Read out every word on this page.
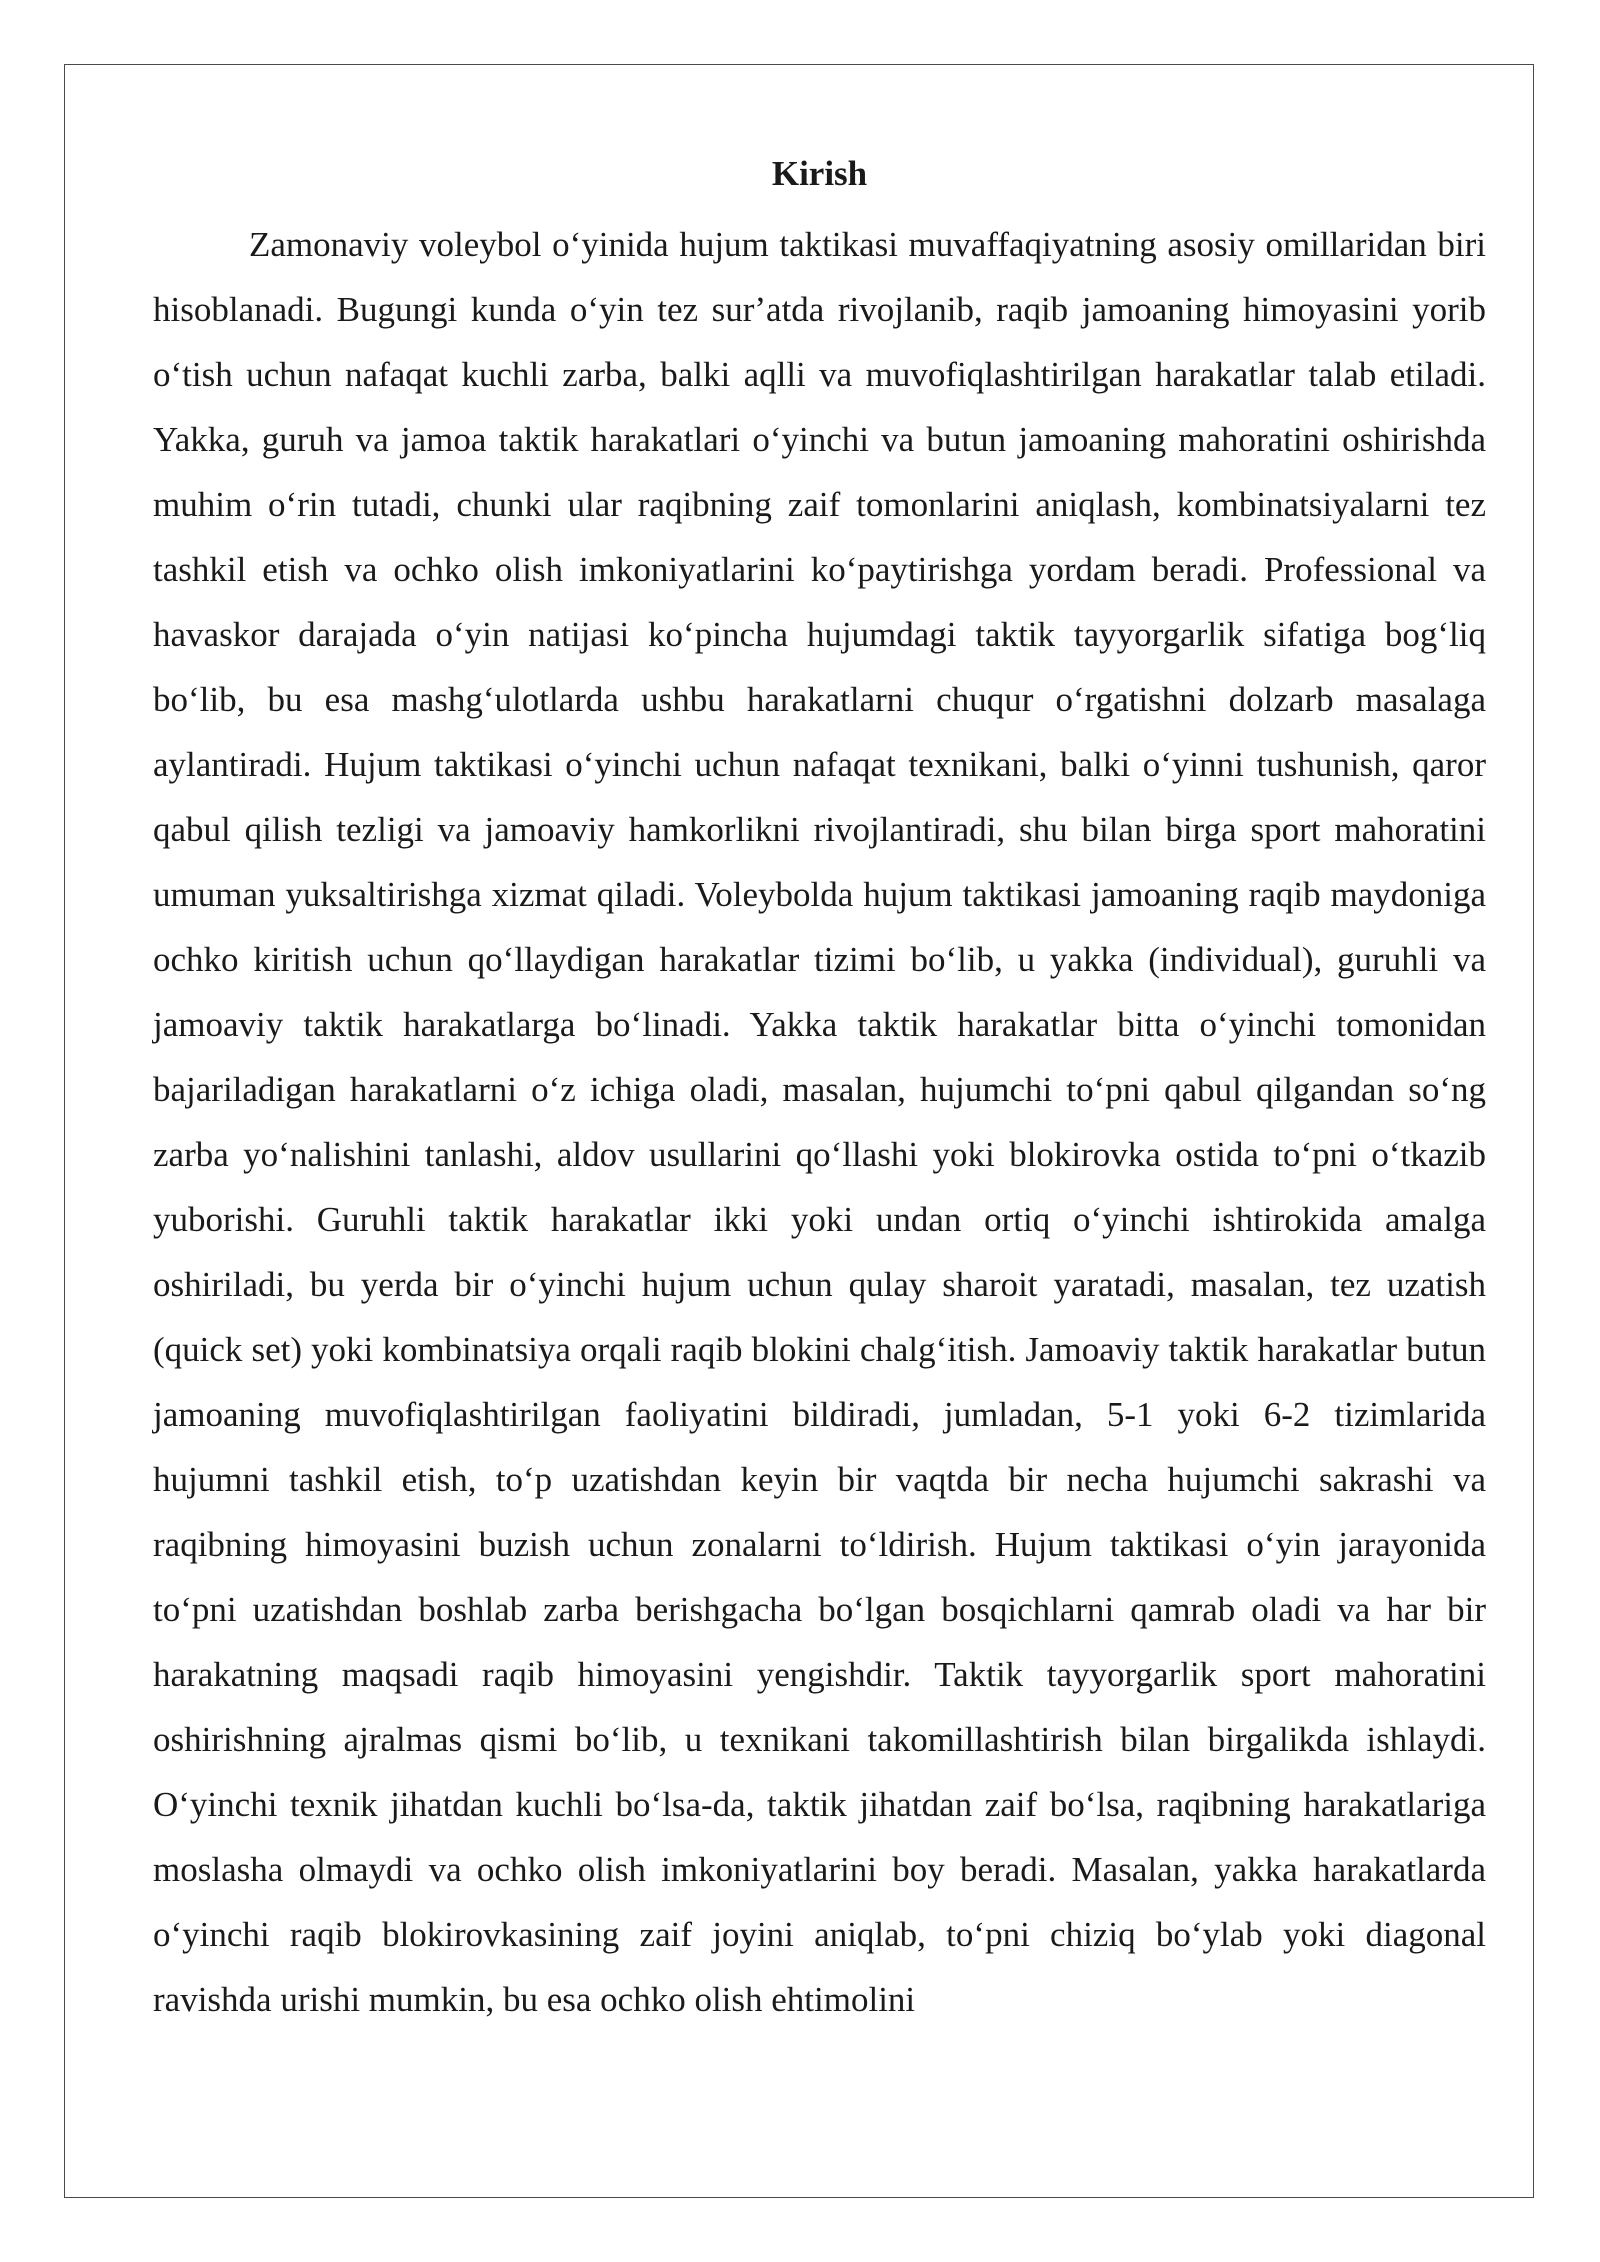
Kirish

Zamonaviy voleybol oʻyinida hujum taktikasi muvaffaqiyatning asosiy omillaridan biri hisoblanadi. Bugungi kunda oʻyin tez surʼatda rivojlanib, raqib jamoaning himoyasini yorib oʻtish uchun nafaqat kuchli zarba, balki aqlli va muvofiqlashtirilgan harakatlar talab etiladi. Yakka, guruh va jamoa taktik harakatlari oʻyinchi va butun jamoaning mahoratini oshirishda muhim oʻrin tutadi, chunki ular raqibning zaif tomonlarini aniqlash, kombinatsiyalarni tez tashkil etish va ochko olish imkoniyatlarini koʻpaytirishga yordam beradi. Professional va havaskor darajada oʻyin natijasi koʻpincha hujumdagi taktik tayyorgarlik sifatiga bogʻliq boʻlib, bu esa mashgʻulotlarda ushbu harakatlarni chuqur oʻrgatishni dolzarb masalaga aylantiradi. Hujum taktikasi oʻyinchi uchun nafaqat texnikani, balki oʻyinni tushunish, qaror qabul qilish tezligi va jamoaviy hamkorlikni rivojlantiradi, shu bilan birga sport mahoratini umuman yuksaltirishga xizmat qiladi. Voleybolda hujum taktikasi jamoaning raqib maydoniga ochko kiritish uchun qoʻllaydigan harakatlar tizimi boʻlib, u yakka (individual), guruhli va jamoaviy taktik harakatlarga boʻlinadi. Yakka taktik harakatlar bitta oʻyinchi tomonidan bajariladigan harakatlarni oʻz ichiga oladi, masalan, hujumchi toʻpni qabul qilgandan soʻng zarba yoʻnalishini tanlashi, aldov usullarini qoʻllashi yoki blokirovka ostida toʻpni oʻtkazib yuborishi. Guruhli taktik harakatlar ikki yoki undan ortiq oʻyinchi ishtirokida amalga oshiriladi, bu yerda bir oʻyinchi hujum uchun qulay sharoit yaratadi, masalan, tez uzatish (quick set) yoki kombinatsiya orqali raqib blokini chalgʻitish. Jamoaviy taktik harakatlar butun jamoaning muvofiqlashtirilgan faoliyatini bildiradi, jumladan, 5-1 yoki 6-2 tizimlarida hujumni tashkil etish, toʻp uzatishdan keyin bir vaqtda bir necha hujumchi sakrashi va raqibning himoyasini buzish uchun zonalarni toʻldirish. Hujum taktikasi oʻyin jarayonida toʻpni uzatishdan boshlab zarba berishgacha boʻlgan bosqichlarni qamrab oladi va har bir harakatning maqsadi raqib himoyasini yengishdir. Taktik tayyorgarlik sport mahoratini oshirishning ajralmas qismi boʻlib, u texnikani takomillashtirish bilan birgalikda ishlaydi. Oʻyinchi texnik jihatdan kuchli boʻlsa-da, taktik jihatdan zaif boʻlsa, raqibning harakatlariga moslasha olmaydi va ochko olish imkoniyatlarini boy beradi. Masalan, yakka harakatlarda oʻyinchi raqib blokirovkasining zaif joyini aniqlab, toʻpni chiziq boʻylab yoki diagonal ravishda urishi mumkin, bu esa ochko olish ehtimolini
